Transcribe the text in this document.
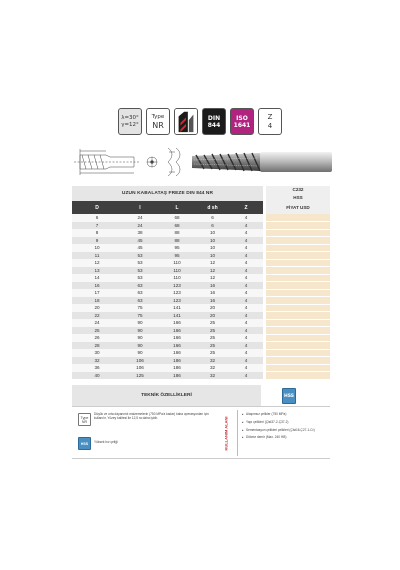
λ=30°
γ=12°
Type
NR
DIN
844
ISO
1641
Z
4
UZUN KABALATAŞ FREZE DIN 844 NR						C232
						HSS
D	l	L	d sh	Z		FİYAT USD
6	24	68	6	4		
7	24	68	6	4		
8	38	88	10	4		
9	45	88	10	4		
10	45	95	10	4		
11	53	95	10	4		
12	53	110	12	4		
13	53	110	12	4		
14	53	110	12	4		
16	63	123	16	4		
17	63	123	16	4		
18	63	123	16	4		
20	75	141	20	4		
22	75	141	20	4		
24	90	166	25	4		
25	90	166	25	4		
26	90	166	25	4		
28	90	166	25	4		
30	90	166	25	4		
32	106	186	32	4		
36	106	186	32	4		
40	125	186	32	4		
TEKNİK ÖZELLİKLERİ	HSS
Type
NR
Düşük ve orta dayanımlı malzemelerin (750 MPa'a kadar) kaba operasyonları için kullanılır. Yüzey kalitesi ile 12,5 ra daha iyidir.
HSS	Yüksek hız çeliği	KULLANIM ALANI
■ Alaşımsız çelikler (750 MPa)
■ Yapı çelikleri (Çlst37-2-Ç37-2)
■ Sementasyon çelikleri çelikleri (Çlst16-Ç27-1-Cr)
■ Dökme demir (Max. 240 HB)
